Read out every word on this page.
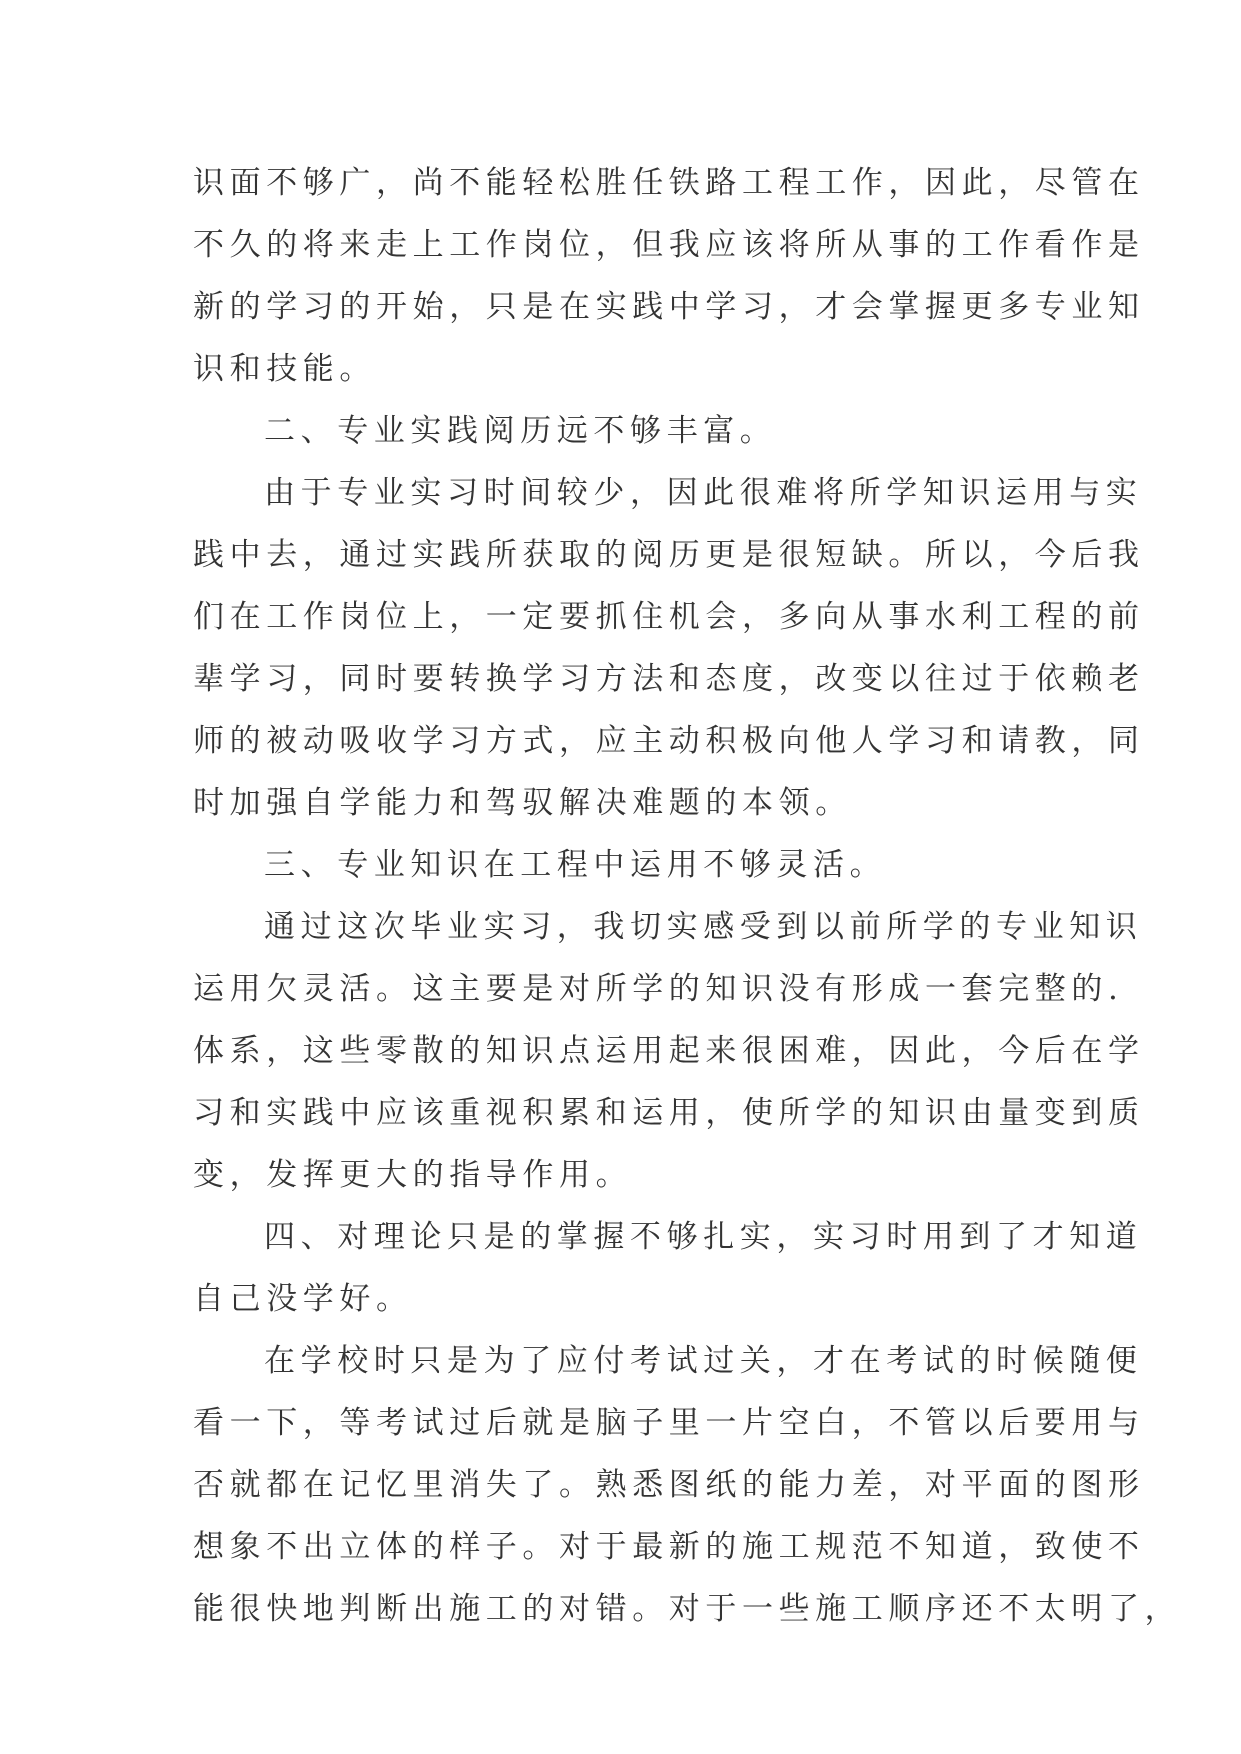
识面不够广，尚不能轻松胜任铁路工程工作，因此，尽管在
不久的将来走上工作岗位，但我应该将所从事的工作看作是
新的学习的开始，只是在实践中学习，才会掌握更多专业知
识和技能。
二、专业实践阅历远不够丰富。
由于专业实习时间较少，因此很难将所学知识运用与实
践中去，通过实践所获取的阅历更是很短缺。所以，今后我
们在工作岗位上，一定要抓住机会，多向从事水利工程的前
辈学习，同时要转换学习方法和态度，改变以往过于依赖老
师的被动吸收学习方式，应主动积极向他人学习和请教，同
时加强自学能力和驾驭解决难题的本领。
三、专业知识在工程中运用不够灵活。
通过这次毕业实习，我切实感受到以前所学的专业知识
运用欠灵活。这主要是对所学的知识没有形成一套完整的.
体系，这些零散的知识点运用起来很困难，因此，今后在学
习和实践中应该重视积累和运用，使所学的知识由量变到质
变，发挥更大的指导作用。
四、对理论只是的掌握不够扎实，实习时用到了才知道
自己没学好。
在学校时只是为了应付考试过关，才在考试的时候随便
看一下，等考试过后就是脑子里一片空白，不管以后要用与
否就都在记忆里消失了。熟悉图纸的能力差，对平面的图形
想象不出立体的样子。对于最新的施工规范不知道，致使不
能很快地判断出施工的对错。对于一些施工顺序还不太明了，
